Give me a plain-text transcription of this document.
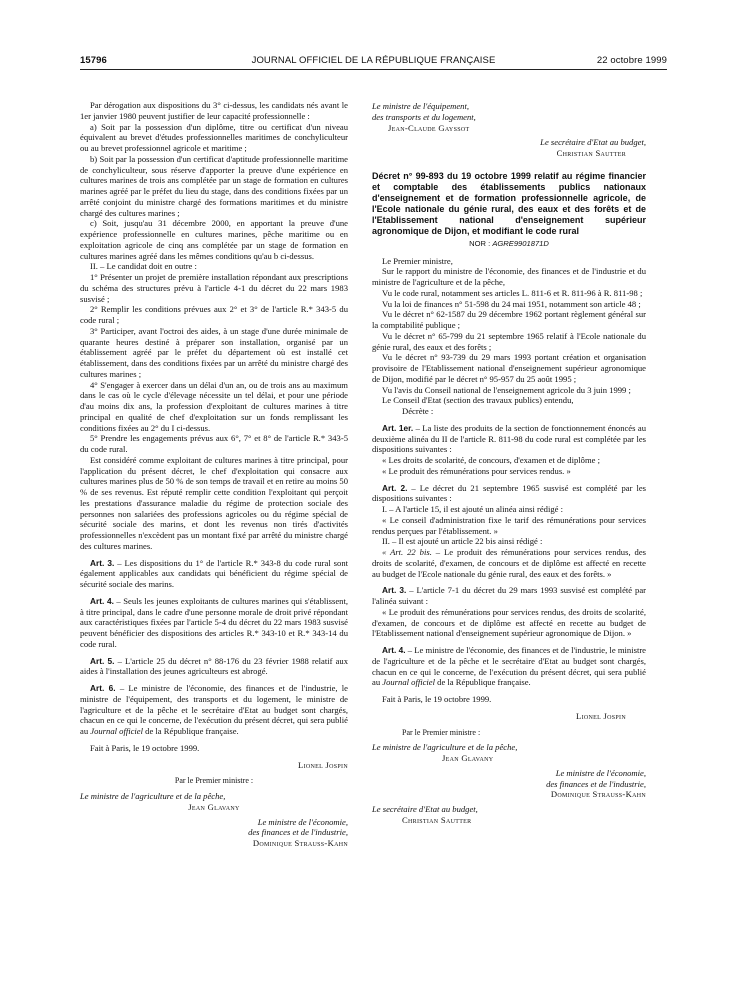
15796	JOURNAL OFFICIEL DE LA RÉPUBLIQUE FRANÇAISE	22 octobre 1999

Par dérogation aux dispositions du 3° ci-dessus, les candidats nés avant le 1er janvier 1980 peuvent justifier de leur capacité professionnelle :

a) Soit par la possession d'un diplôme, titre ou certificat d'un niveau équivalent au brevet d'études professionnelles maritimes de conchyliculteur ou au brevet professionnel agricole et maritime ;

b) Soit par la possession d'un certificat d'aptitude professionnelle maritime de conchyliculteur, sous réserve d'apporter la preuve d'une expérience en cultures marines de trois ans complétée par un stage de formation en cultures marines agréé par le préfet du lieu du stage, dans des conditions fixées par un arrêté conjoint du ministre chargé des formations maritimes et du ministre chargé des cultures marines ;

c) Soit, jusqu'au 31 décembre 2000, en apportant la preuve d'une expérience professionnelle en cultures marines, pêche maritime ou en exploitation agricole de cinq ans complétée par un stage de formation en cultures marines agréé dans les mêmes conditions qu'au b ci-dessus.

II. – Le candidat doit en outre :

1° Présenter un projet de première installation répondant aux prescriptions du schéma des structures prévu à l'article 4-1 du décret du 22 mars 1983 susvisé ;

2° Remplir les conditions prévues aux 2° et 3° de l'article R.* 343-5 du code rural ;

3° Participer, avant l'octroi des aides, à un stage d'une durée minimale de quarante heures destiné à préparer son installation, organisé par un établissement agréé par le préfet du département où est installé cet établissement, dans des conditions fixées par un arrêté du ministre chargé des cultures marines ;

4° S'engager à exercer dans un délai d'un an, ou de trois ans au maximum dans le cas où le cycle d'élevage nécessite un tel délai, et pour une période d'au moins dix ans, la profession d'exploitant de cultures marines à titre principal en qualité de chef d'exploitation sur un fonds remplissant les conditions fixées au 2° du I ci-dessus.

5° Prendre les engagements prévus aux 6°, 7° et 8° de l'article R.* 343-5 du code rural.

Est considéré comme exploitant de cultures marines à titre principal, pour l'application du présent décret, le chef d'exploitation qui consacre aux cultures marines plus de 50 % de son temps de travail et en retire au moins 50 % de ses revenus. Est réputé remplir cette condition l'exploitant qui perçoit les prestations d'assurance maladie du régime de protection sociale des personnes non salariées des professions agricoles ou du régime spécial de sécurité sociale des marins, et dont les revenus non tirés d'activités professionnelles n'excèdent pas un montant fixé par arrêté du ministre chargé des cultures marines.

Art. 3. – Les dispositions du 1° de l'article R.* 343-8 du code rural sont également applicables aux candidats qui bénéficient du régime spécial de sécurité sociale des marins.

Art. 4. – Seuls les jeunes exploitants de cultures marines qui s'établissent, à titre principal, dans le cadre d'une personne morale de droit privé répondant aux caractéristiques fixées par l'article 5-4 du décret du 22 mars 1983 susvisé peuvent bénéficier des dispositions des articles R.* 343-10 et R.* 343-14 du code rural.

Art. 5. – L'article 25 du décret n° 88-176 du 23 février 1988 relatif aux aides à l'installation des jeunes agriculteurs est abrogé.

Art. 6. – Le ministre de l'économie, des finances et de l'industrie, le ministre de l'équipement, des transports et du logement, le ministre de l'agriculture et de la pêche et le secrétaire d'Etat au budget sont chargés, chacun en ce qui le concerne, de l'exécution du présent décret, qui sera publié au Journal officiel de la République française.

Fait à Paris, le 19 octobre 1999.

Lionel Jospin
Par le Premier ministre :
Le ministre de l'agriculture et de la pêche,
Jean Glavany
Le ministre de l'économie,
des finances et de l'industrie,
Dominique Strauss-Kahn
Le ministre de l'équipement,
des transports et du logement,
Jean-Claude Gayssot
Le secrétaire d'Etat au budget,
Christian Sautter
Décret n° 99-893 du 19 octobre 1999 relatif au régime financier et comptable des établissements publics nationaux d'enseignement et de formation professionnelle agricole, de l'Ecole nationale du génie rural, des eaux et des forêts et de l'Etablissement national d'enseignement supérieur agronomique de Dijon, et modifiant le code rural
NOR : AGRE9901871D

Le Premier ministre,

Sur le rapport du ministre de l'économie, des finances et de l'industrie et du ministre de l'agriculture et de la pêche,

Vu le code rural, notamment ses articles L. 811-6 et R. 811-96 à R. 811-98 ;

Vu la loi de finances n° 51-598 du 24 mai 1951, notamment son article 48 ;

Vu le décret n° 62-1587 du 29 décembre 1962 portant règlement général sur la comptabilité publique ;

Vu le décret n° 65-799 du 21 septembre 1965 relatif à l'Ecole nationale du génie rural, des eaux et des forêts ;

Vu le décret n° 93-739 du 29 mars 1993 portant création et organisation provisoire de l'Etablissement national d'enseignement supérieur agronomique de Dijon, modifié par le décret n° 95-957 du 25 août 1995 ;

Vu l'avis du Conseil national de l'enseignement agricole du 3 juin 1999 ;

Le Conseil d'Etat (section des travaux publics) entendu,

Décrète :

Art. 1er. – La liste des produits de la section de fonctionnement énoncés au deuxième alinéa du II de l'article R. 811-98 du code rural est complétée par les dispositions suivantes :

« Les droits de scolarité, de concours, d'examen et de diplôme ;

« Le produit des rémunérations pour services rendus. »

Art. 2. – Le décret du 21 septembre 1965 susvisé est complété par les dispositions suivantes :

I. – A l'article 15, il est ajouté un alinéa ainsi rédigé :

« Le conseil d'administration fixe le tarif des rémunérations pour services rendus perçues par l'établissement. »

II. – Il est ajouté un article 22 bis ainsi rédigé :

« Art. 22 bis. – Le produit des rémunérations pour services rendus, des droits de scolarité, d'examen, de concours et de diplôme est affecté en recette au budget de l'Ecole nationale du génie rural, des eaux et des forêts. »

Art. 3. – L'article 7-1 du décret du 29 mars 1993 susvisé est complété par l'alinéa suivant :

« Le produit des rémunérations pour services rendus, des droits de scolarité, d'examen, de concours et de diplôme est affecté en recette au budget de l'Etablissement national d'enseignement supérieur agronomique de Dijon. »

Art. 4. – Le ministre de l'économie, des finances et de l'industrie, le ministre de l'agriculture et de la pêche et le secrétaire d'Etat au budget sont chargés, chacun en ce qui le concerne, de l'exécution du présent décret, qui sera publié au Journal officiel de la République française.

Fait à Paris, le 19 octobre 1999.

Lionel Jospin
Par le Premier ministre :
Le ministre de l'agriculture et de la pêche,
Jean Glavany
Le ministre de l'économie,
des finances et de l'industrie,
Dominique Strauss-Kahn
Le secrétaire d'Etat au budget,
Christian Sautter
